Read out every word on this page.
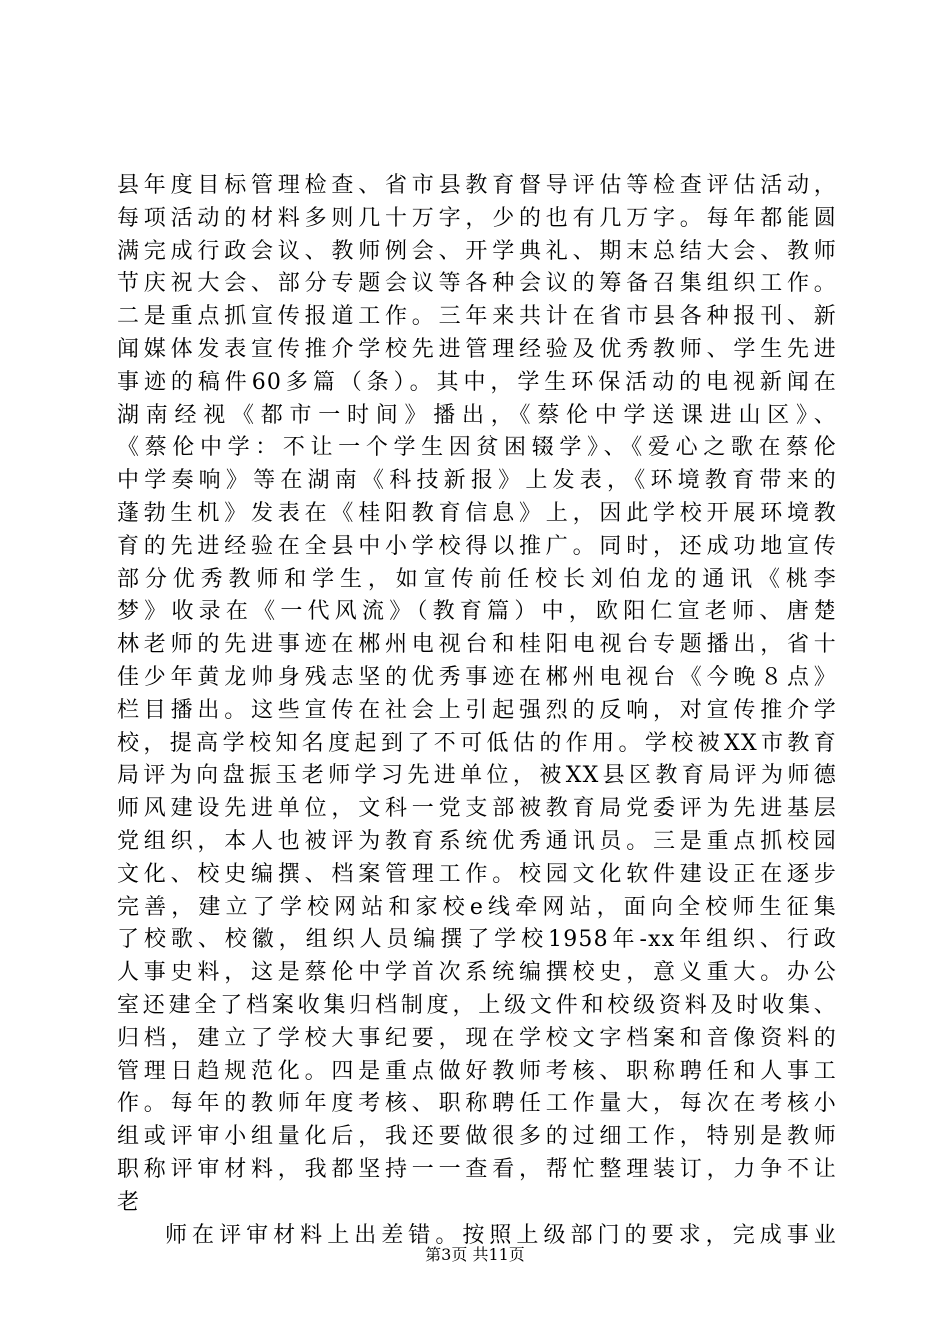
县年度目标管理检查、省市县教育督导评估等检查评估活动，
每项活动的材料多则几十万字，少的也有几万字。每年都能圆
满完成行政会议、教师例会、开学典礼、期末总结大会、教师
节庆祝大会、部分专题会议等各种会议的筹备召集组织工作。
二是重点抓宣传报道工作。三年来共计在省市县各种报刊、新
闻媒体发表宣传推介学校先进管理经验及优秀教师、学生先进
事迹的稿件60多篇（条）。其中，学生环保活动的电视新闻在
湖南经视《都市一时间》播出，《蔡伦中学送课进山区》、
《蔡伦中学：不让一个学生因贫困辍学》、《爱心之歌在蔡伦
中学奏响》等在湖南《科技新报》上发表，《环境教育带来的
蓬勃生机》发表在《桂阳教育信息》上，因此学校开展环境教
育的先进经验在全县中小学校得以推广。同时，还成功地宣传
部分优秀教师和学生，如宣传前任校长刘伯龙的通讯《桃李
梦》收录在《一代风流》（教育篇）中，欧阳仁宣老师、唐楚
林老师的先进事迹在郴州电视台和桂阳电视台专题播出，省十
佳少年黄龙帅身残志坚的优秀事迹在郴州电视台《今晚８点》
栏目播出。这些宣传在社会上引起强烈的反响，对宣传推介学
校，提高学校知名度起到了不可低估的作用。学校被XX市教育
局评为向盘振玉老师学习先进单位，被XX县区教育局评为师德
师风建设先进单位，文科一党支部被教育局党委评为先进基层
党组织，本人也被评为教育系统优秀通讯员。三是重点抓校园
文化、校史编撰、档案管理工作。校园文化软件建设正在逐步
完善，建立了学校网站和家校e线牵网站，面向全校师生征集
了校歌、校徽，组织人员编撰了学校1958年-xx年组织、行政
人事史料，这是蔡伦中学首次系统编撰校史，意义重大。办公
室还建全了档案收集归档制度，上级文件和校级资料及时收集、
归档，建立了学校大事纪要，现在学校文字档案和音像资料的
管理日趋规范化。四是重点做好教师考核、职称聘任和人事工
作。每年的教师年度考核、职称聘任工作量大，每次在考核小
组或评审小组量化后，我还要做很多的过细工作，特别是教师
职称评审材料，我都坚持一一查看，帮忙整理装订，力争不让
老
师在评审材料上出差错。按照上级部门的要求，完成事业
第3页 共11页
